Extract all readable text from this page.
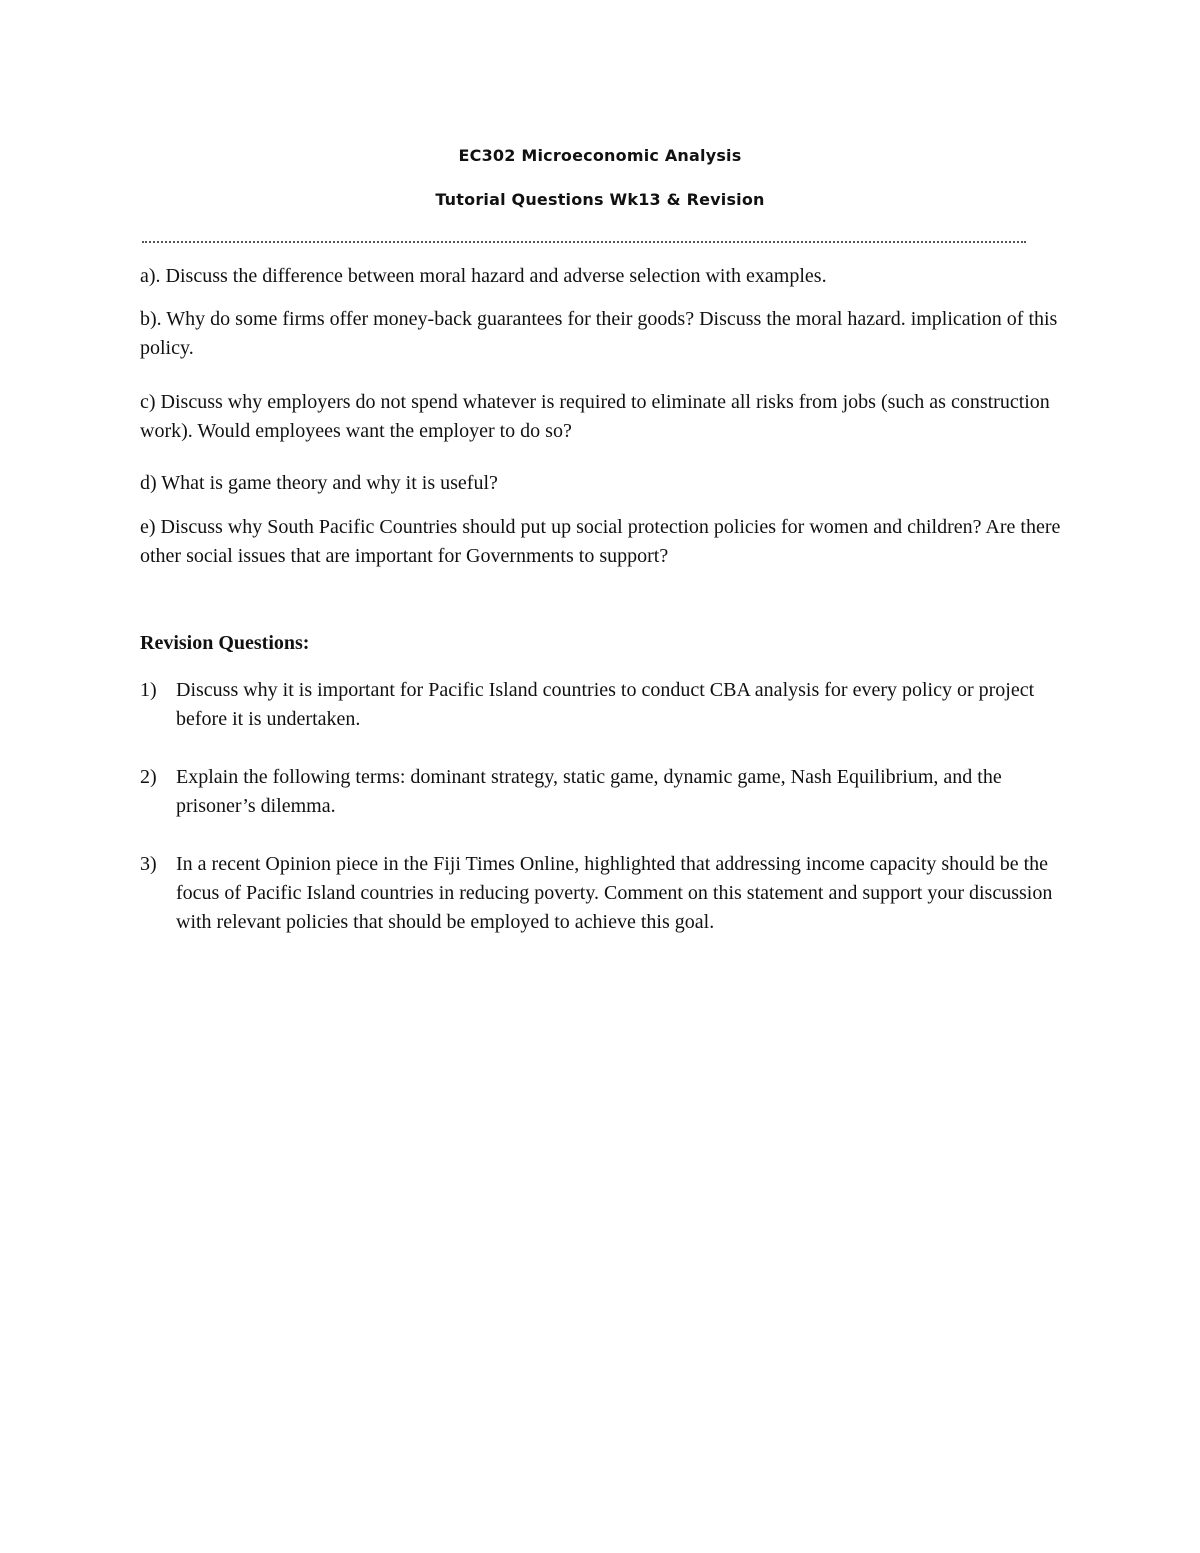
EC302 Microeconomic Analysis
Tutorial Questions Wk13 & Revision
a). Discuss the difference between moral hazard and adverse selection with examples.
b). Why do some firms offer money-back guarantees for their goods? Discuss the moral hazard. implication of this policy.
c) Discuss why employers do not spend whatever is required to eliminate all risks from jobs (such as construction work). Would employees want the employer to do so?
d) What is game theory and why it is useful?
e) Discuss why South Pacific Countries should put up social protection policies for women and children? Are there other social issues that are important for Governments to support?
Revision Questions:
1) Discuss why it is important for Pacific Island countries to conduct CBA analysis for every policy or project before it is undertaken.
2) Explain the following terms: dominant strategy, static game, dynamic game, Nash Equilibrium, and the prisoner’s dilemma.
3) In a recent Opinion piece in the Fiji Times Online, highlighted that addressing income capacity should be the focus of Pacific Island countries in reducing poverty. Comment on this statement and support your discussion with relevant policies that should be employed to achieve this goal.
